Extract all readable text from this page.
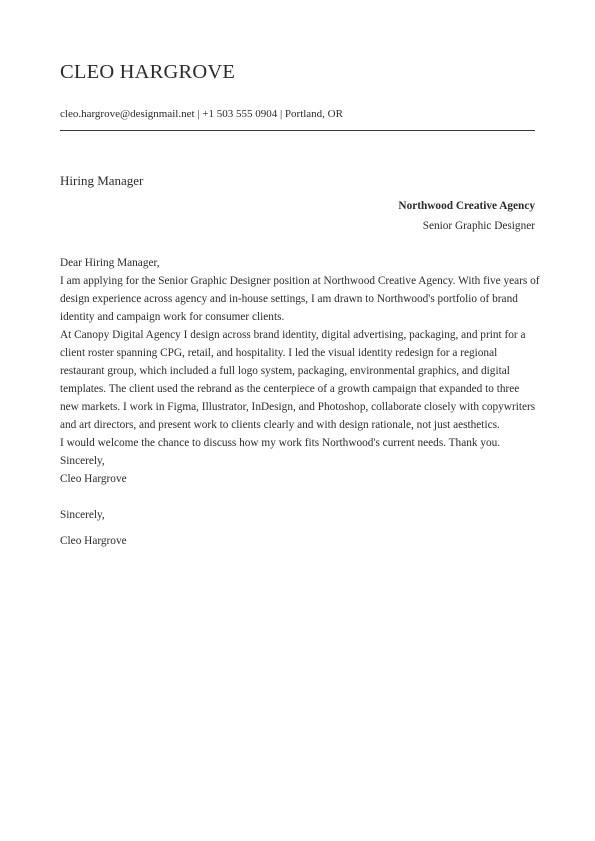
CLEO HARGROVE
cleo.hargrove@designmail.net | +1 503 555 0904 | Portland, OR
Hiring Manager
Northwood Creative Agency
Senior Graphic Designer

Dear Hiring Manager,

I am applying for the Senior Graphic Designer position at Northwood Creative Agency. With five years of design experience across agency and in-house settings, I am drawn to Northwood's portfolio of brand identity and campaign work for consumer clients.

At Canopy Digital Agency I design across brand identity, digital advertising, packaging, and print for a client roster spanning CPG, retail, and hospitality. I led the visual identity redesign for a regional restaurant group, which included a full logo system, packaging, environmental graphics, and digital templates. The client used the rebrand as the centerpiece of a growth campaign that expanded to three new markets. I work in Figma, Illustrator, InDesign, and Photoshop, collaborate closely with copywriters and art directors, and present work to clients clearly and with design rationale, not just aesthetics.

I would welcome the chance to discuss how my work fits Northwood's current needs. Thank you.

Sincerely,

Cleo Hargrove

Sincerely,
Cleo Hargrove
